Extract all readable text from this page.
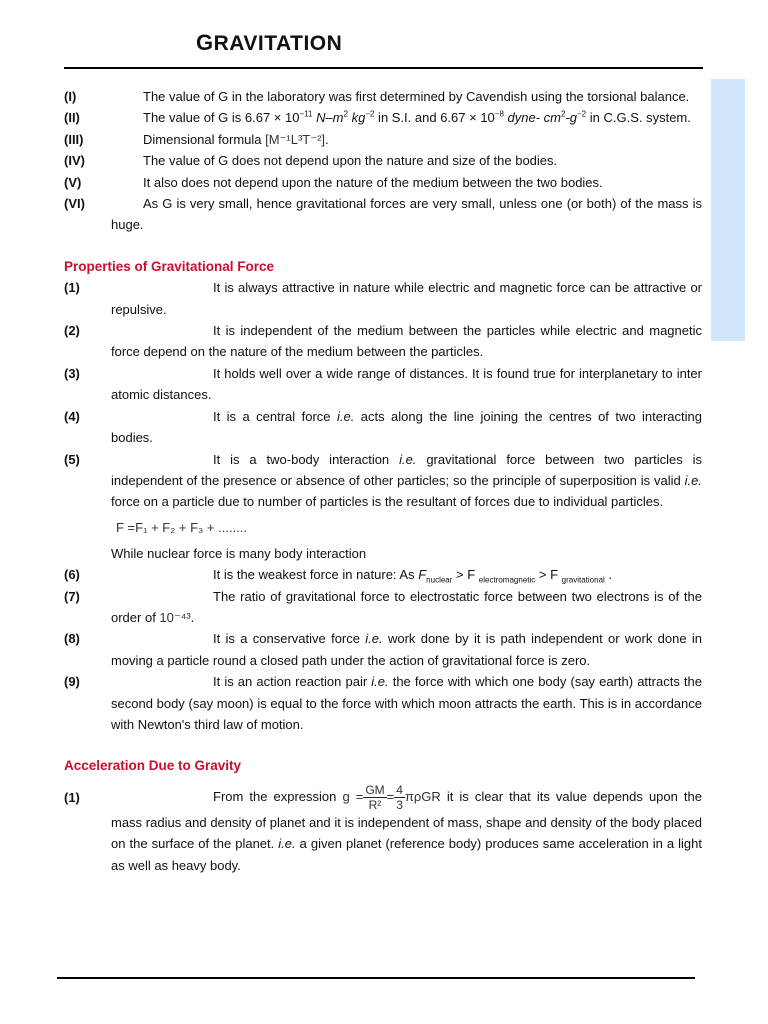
GRAVITATION
(I)	The value of G in the laboratory was first determined by Cavendish using the torsional balance.
(II)	The value of G is $6.67 \times 10^{-11}$ $N-m^2$ $kg^{-2}$ in S.I. and $6.67 \times 10^{-8}$ dyne- $cm^2-g^{-2}$ in C.G.S. system.
(III)	Dimensional formula [M⁻¹L³T⁻²].
(IV)	The value of G does not depend upon the nature and size of the bodies.
(V)	It also does not depend upon the nature of the medium between the two bodies.
(VI)	As G is very small, hence gravitational forces are very small, unless one (or both) of the mass is huge.
Properties of Gravitational Force
(1)	It is always attractive in nature while electric and magnetic force can be attractive or repulsive.
(2)	It is independent of the medium between the particles while electric and magnetic force depend on the nature of the medium between the particles.
(3)	It holds well over a wide range of distances. It is found true for interplanetary to inter atomic distances.
(4)	It is a central force i.e. acts along the line joining the centres of two interacting bodies.
(5)	It is a two-body interaction i.e. gravitational force between two particles is independent of the presence or absence of other particles; so the principle of superposition is valid i.e. force on a particle due to number of particles is the resultant of forces due to individual particles.
F =F₁ + F₂ + F₃ + ........
While nuclear force is many body interaction
(6)	It is the weakest force in nature: As $F_{nuclear} > F$ $_{electromagnetic}$ > F $_{gravitational}$ .
(7)	The ratio of gravitational force to electrostatic force between two electrons is of the order of 10⁻⁴³.
(8)	It is a conservative force i.e. work done by it is path independent or work done in moving a particle round a closed path under the action of gravitational force is zero.
(9)	It is an action reaction pair i.e. the force with which one body (say earth) attracts the second body (say moon) is equal to the force with which moon attracts the earth. This is in accordance with Newton's third law of motion.
Acceleration Due to Gravity
(1)	From the expression $g = \frac{GM}{\text{R²}} = \frac{4}{3}$ πρGR it is clear that its value depends upon the mass radius and density of planet and it is independent of mass, shape and density of the body placed on the surface of the planet. i.e. a given planet (reference body) produces same acceleration in a light as well as heavy body.
